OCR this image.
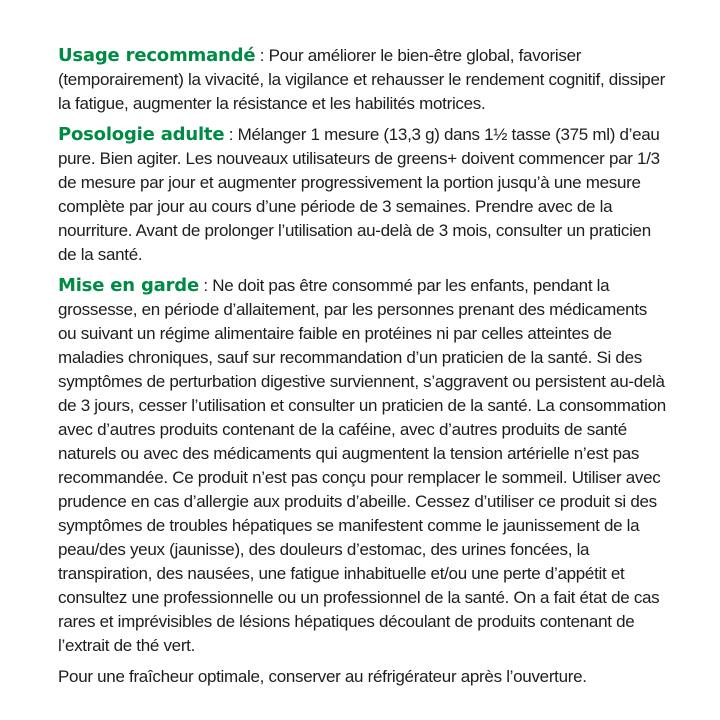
Usage recommandé : Pour améliorer le bien-être global, favoriser (temporairement) la vivacité, la vigilance et rehausser le rendement cognitif, dissiper la fatigue, augmenter la résistance et les habilités motrices.

Posologie adulte : Mélanger 1 mesure (13,3 g) dans 1½ tasse (375 ml) d’eau pure. Bien agiter. Les nouveaux utilisateurs de greens+ doivent commencer par 1/3 de mesure par jour et augmenter progressivement la portion jusqu’à une mesure complète par jour au cours d’une période de 3 semaines. Prendre avec de la nourriture. Avant de prolonger l’utilisation au-delà de 3 mois, consulter un praticien de la santé.

Mise en garde : Ne doit pas être consommé par les enfants, pendant la grossesse, en période d’allaitement, par les personnes prenant des médicaments ou suivant un régime alimentaire faible en protéines ni par celles atteintes de maladies chroniques, sauf sur recommandation d’un praticien de la santé. Si des symptômes de perturbation digestive surviennent, s’aggravent ou persistent au-delà de 3 jours, cesser l’utilisation et consulter un praticien de la santé. La consommation avec d’autres produits contenant de la caféine, avec d’autres produits de santé naturels ou avec des médicaments qui augmentent la tension artérielle n’est pas recommandée. Ce produit n’est pas conçu pour remplacer le sommeil. Utiliser avec prudence en cas d’allergie aux produits d’abeille. Cessez d’utiliser ce produit si des symptômes de troubles hépatiques se manifestent comme le jaunissement de la peau/des yeux (jaunisse), des douleurs d’estomac, des urines foncées, la transpiration, des nausées, une fatigue inhabituelle et/ou une perte d’appétit et consultez une professionnelle ou un professionnel de la santé. On a fait état de cas rares et imprévisibles de lésions hépatiques découlant de produits contenant de l’extrait de thé vert.

Pour une fraîcheur optimale, conserver au réfrigérateur après l’ouverture.
